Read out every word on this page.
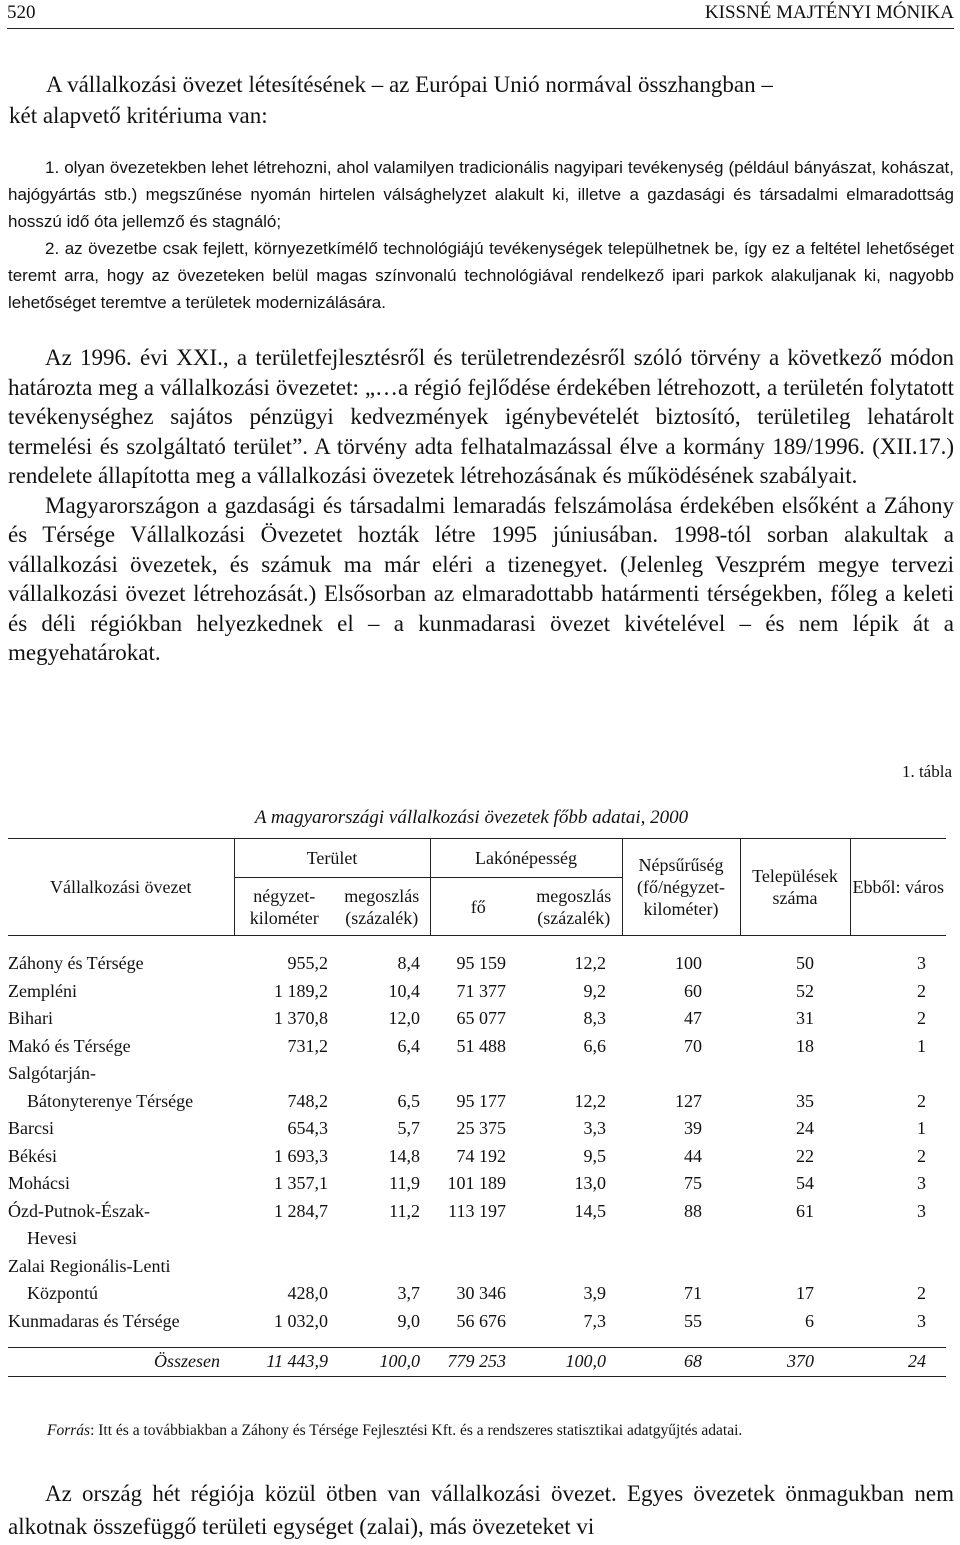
520	KISSNÉ MAJTÉNYI MÓNIKA
A vállalkozási övezet létesítésének – az Európai Unió normával összhangban –
két alapvető kritériuma van:

1. olyan övezetekben lehet létrehozni, ahol valamilyen tradicionális nagyipari tevékenység (például bányászat, kohászat, hajógyártás stb.) megszűnése nyomán hirtelen válsághelyzet alakult ki, illetve a gazdasági és társadalmi elmaradottság hosszú idő óta jellemző és stagnáló;

2. az övezetbe csak fejlett, környezetkímélő technológiájú tevékenységek települhetnek be, így ez a feltétel lehetőséget teremt arra, hogy az övezeteken belül magas színvonalú technológiával rendelkező ipari parkok alakuljanak ki, nagyobb lehetőséget teremtve a területek modernizálására.

Az 1996. évi XXI., a területfejlesztésről és területrendezésről szóló törvény a következő módon határozta meg a vállalkozási övezetet: „…a régió fejlődése érdekében létrehozott, a területén folytatott tevékenységhez sajátos pénzügyi kedvezmények igénybevételét biztosító, területileg lehatárolt termelési és szolgáltató terület”. A törvény adta felhatalmazással élve a kormány 189/1996. (XII.17.) rendelete állapította meg a vállalkozási övezetek létrehozásának és működésének szabályait.

Magyarországon a gazdasági és társadalmi lemaradás felszámolása érdekében elsőként a Záhony és Térsége Vállalkozási Övezetet hozták létre 1995 júniusában. 1998-tól sorban alakultak a vállalkozási övezetek, és számuk ma már eléri a tizenegyet. (Jelenleg Veszprém megye tervezi vállalkozási övezet létrehozását.) Elsősorban az elmaradottabb határmenti térségekben, főleg a keleti és déli régiókban helyezkednek el – a kunmadarasi övezet kivételével – és nem lépik át a megyehatárokat.

1. tábla
A magyarországi vállalkozási övezetek főbb adatai, 2000
Vállalkozási övezet	Terület		Lakónépesség		Népsűrűség (fő/négyzet-kilométer)	Települések száma	Ebből: város
	négyzet-kilométer	megoszlás (százalék)	fő	megoszlás (százalék)			

Záhony és Térsége	955,2	8,4	95 159	12,2	100	50	3
Zempléni	1 189,2	10,4	71 377	9,2	60	52	2
Bihari	1 370,8	12,0	65 077	8,3	47	31	2
Makó és Térsége	731,2	6,4	51 488	6,6	70	18	1
Salgótarján-							
Bátonyterenye Térsége	748,2	6,5	95 177	12,2	127	35	2
Barcsi	654,3	5,7	25 375	3,3	39	24	1
Békési	1 693,3	14,8	74 192	9,5	44	22	2
Mohácsi	1 357,1	11,9	101 189	13,0	75	54	3
Ózd-Putnok-Észak-	1 284,7	11,2	113 197	14,5	88	61	3
Hevesi							
Zalai Regionális-Lenti							
Központú	428,0	3,7	30 346	3,9	71	17	2
Kunmadaras és Térsége	1 032,0	9,0	56 676	7,3	55	6	3

Összesen	11 443,9	100,0	779 253	100,0	68	370	24
Forrás: Itt és a továbbiakban a Záhony és Térsége Fejlesztési Kft. és a rendszeres statisztikai adatgyűjtés adatai.

Az ország hét régiója közül ötben van vállalkozási övezet. Egyes övezetek önmagukban nem alkotnak összefüggő területi egységet (zalai), más övezeteket vi
